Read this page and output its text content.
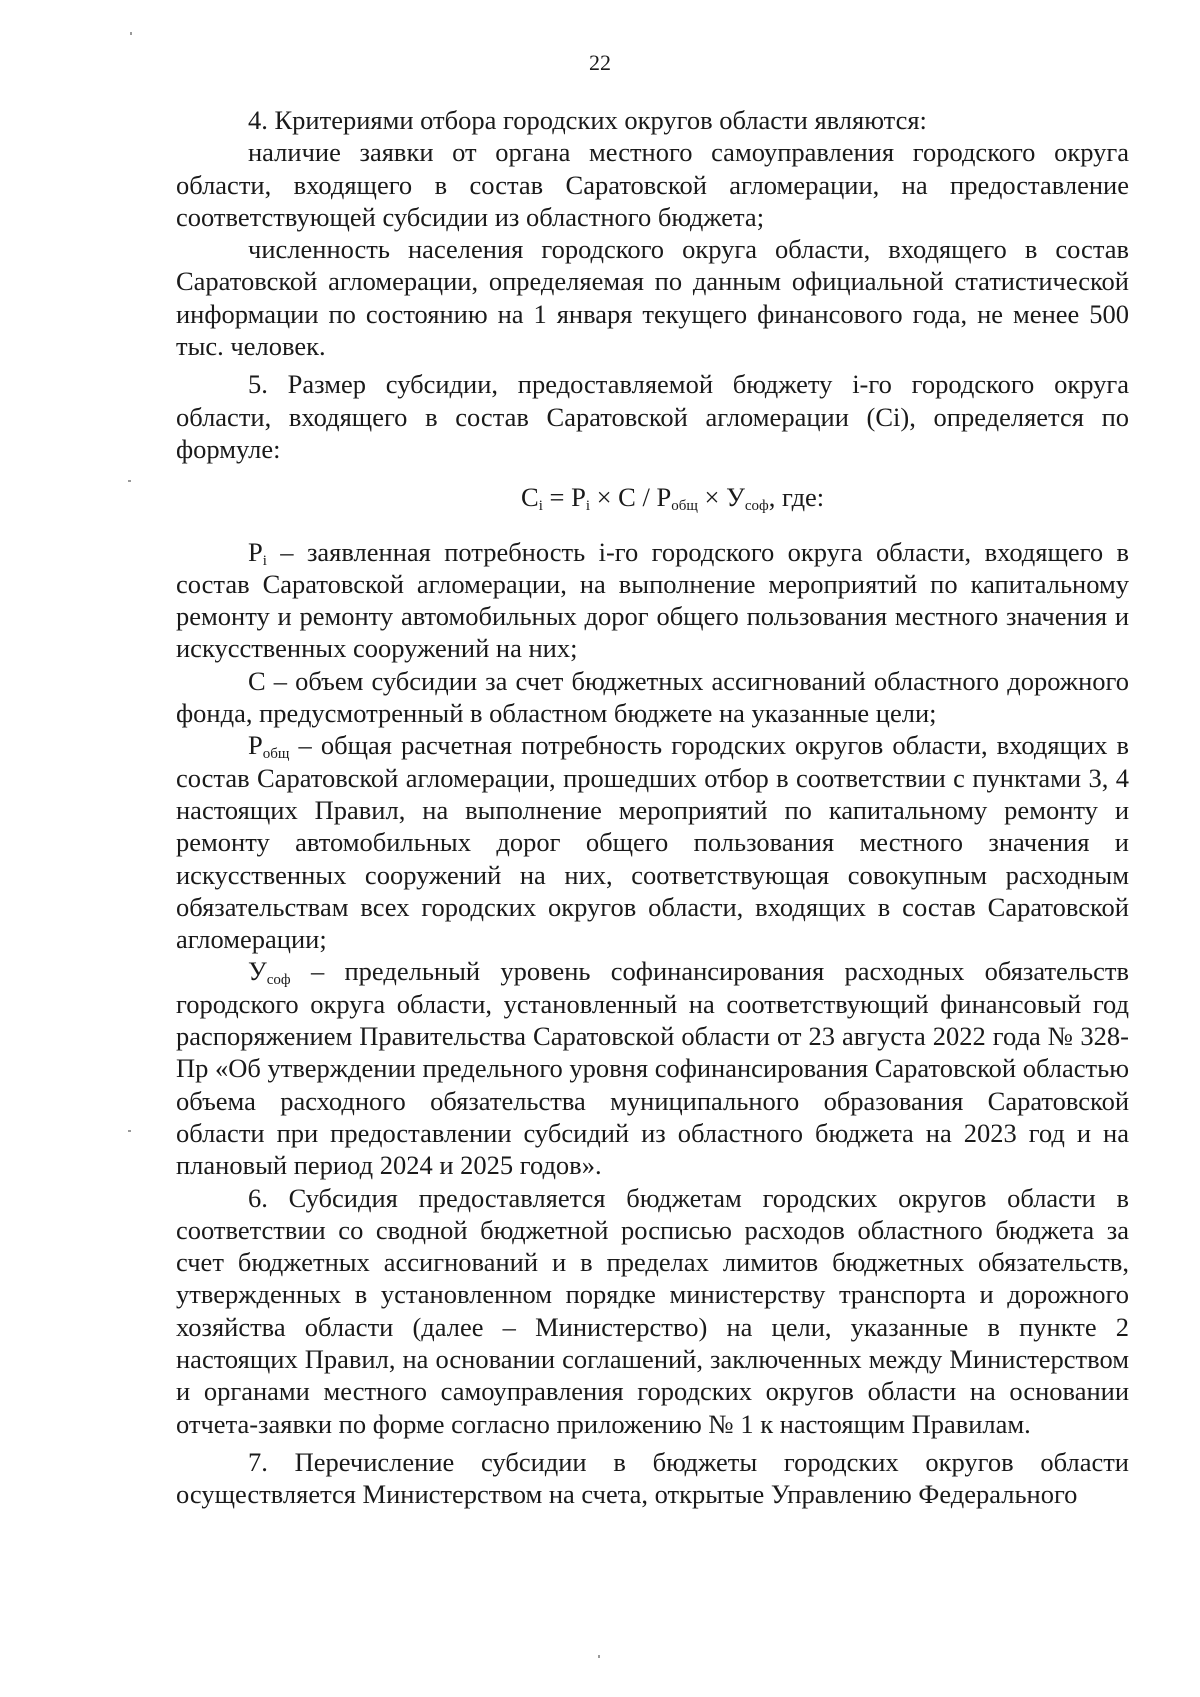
22

4. Критериями отбора городских округов области являются:

наличие заявки от органа местного самоуправления городского округа области, входящего в состав Саратовской агломерации, на предоставление соответствующей субсидии из областного бюджета;

численность населения городского округа области, входящего в состав Саратовской агломерации, определяемая по данным официальной статистической информации по состоянию на 1 января текущего финансового года, не менее 500 тыс. человек.

5. Размер субсидии, предоставляемой бюджету i-го городского округа области, входящего в состав Саратовской агломерации (Ci), определяется по формуле:

$C_i = P_i \times C / P_{общ} \times У_{соф}$, где:

$P_i$ – заявленная потребность i-го городского округа области, входящего в состав Саратовской агломерации, на выполнение мероприятий по капитальному ремонту и ремонту автомобильных дорог общего пользования местного значения и искусственных сооружений на них;

C – объем субсидии за счет бюджетных ассигнований областного дорожного фонда, предусмотренный в областном бюджете на указанные цели;

$P_{общ}$ – общая расчетная потребность городских округов области, входящих в состав Саратовской агломерации, прошедших отбор в соответствии с пунктами 3, 4 настоящих Правил, на выполнение мероприятий по капитальному ремонту и ремонту автомобильных дорог общего пользования местного значения и искусственных сооружений на них, соответствующая совокупным расходным обязательствам всех городских округов области, входящих в состав Саратовской агломерации;

$У_{соф}$ – предельный уровень софинансирования расходных обязательств городского округа области, установленный на соответствующий финансовый год распоряжением Правительства Саратовской области от 23 августа 2022 года № 328-Пр «Об утверждении предельного уровня софинансирования Саратовской областью объема расходного обязательства муниципального образования Саратовской области при предоставлении субсидий из областного бюджета на 2023 год и на плановый период 2024 и 2025 годов».

6. Субсидия предоставляется бюджетам городских округов области в соответствии со сводной бюджетной росписью расходов областного бюджета за счет бюджетных ассигнований и в пределах лимитов бюджетных обязательств, утвержденных в установленном порядке министерству транспорта и дорожного хозяйства области (далее – Министерство) на цели, указанные в пункте 2 настоящих Правил, на основании соглашений, заключенных между Министерством и органами местного самоуправления городских округов области на основании отчета-заявки по форме согласно приложению № 1 к настоящим Правилам.

7. Перечисление субсидии в бюджеты городских округов области осуществляется Министерством на счета, открытые Управлению Федерального
